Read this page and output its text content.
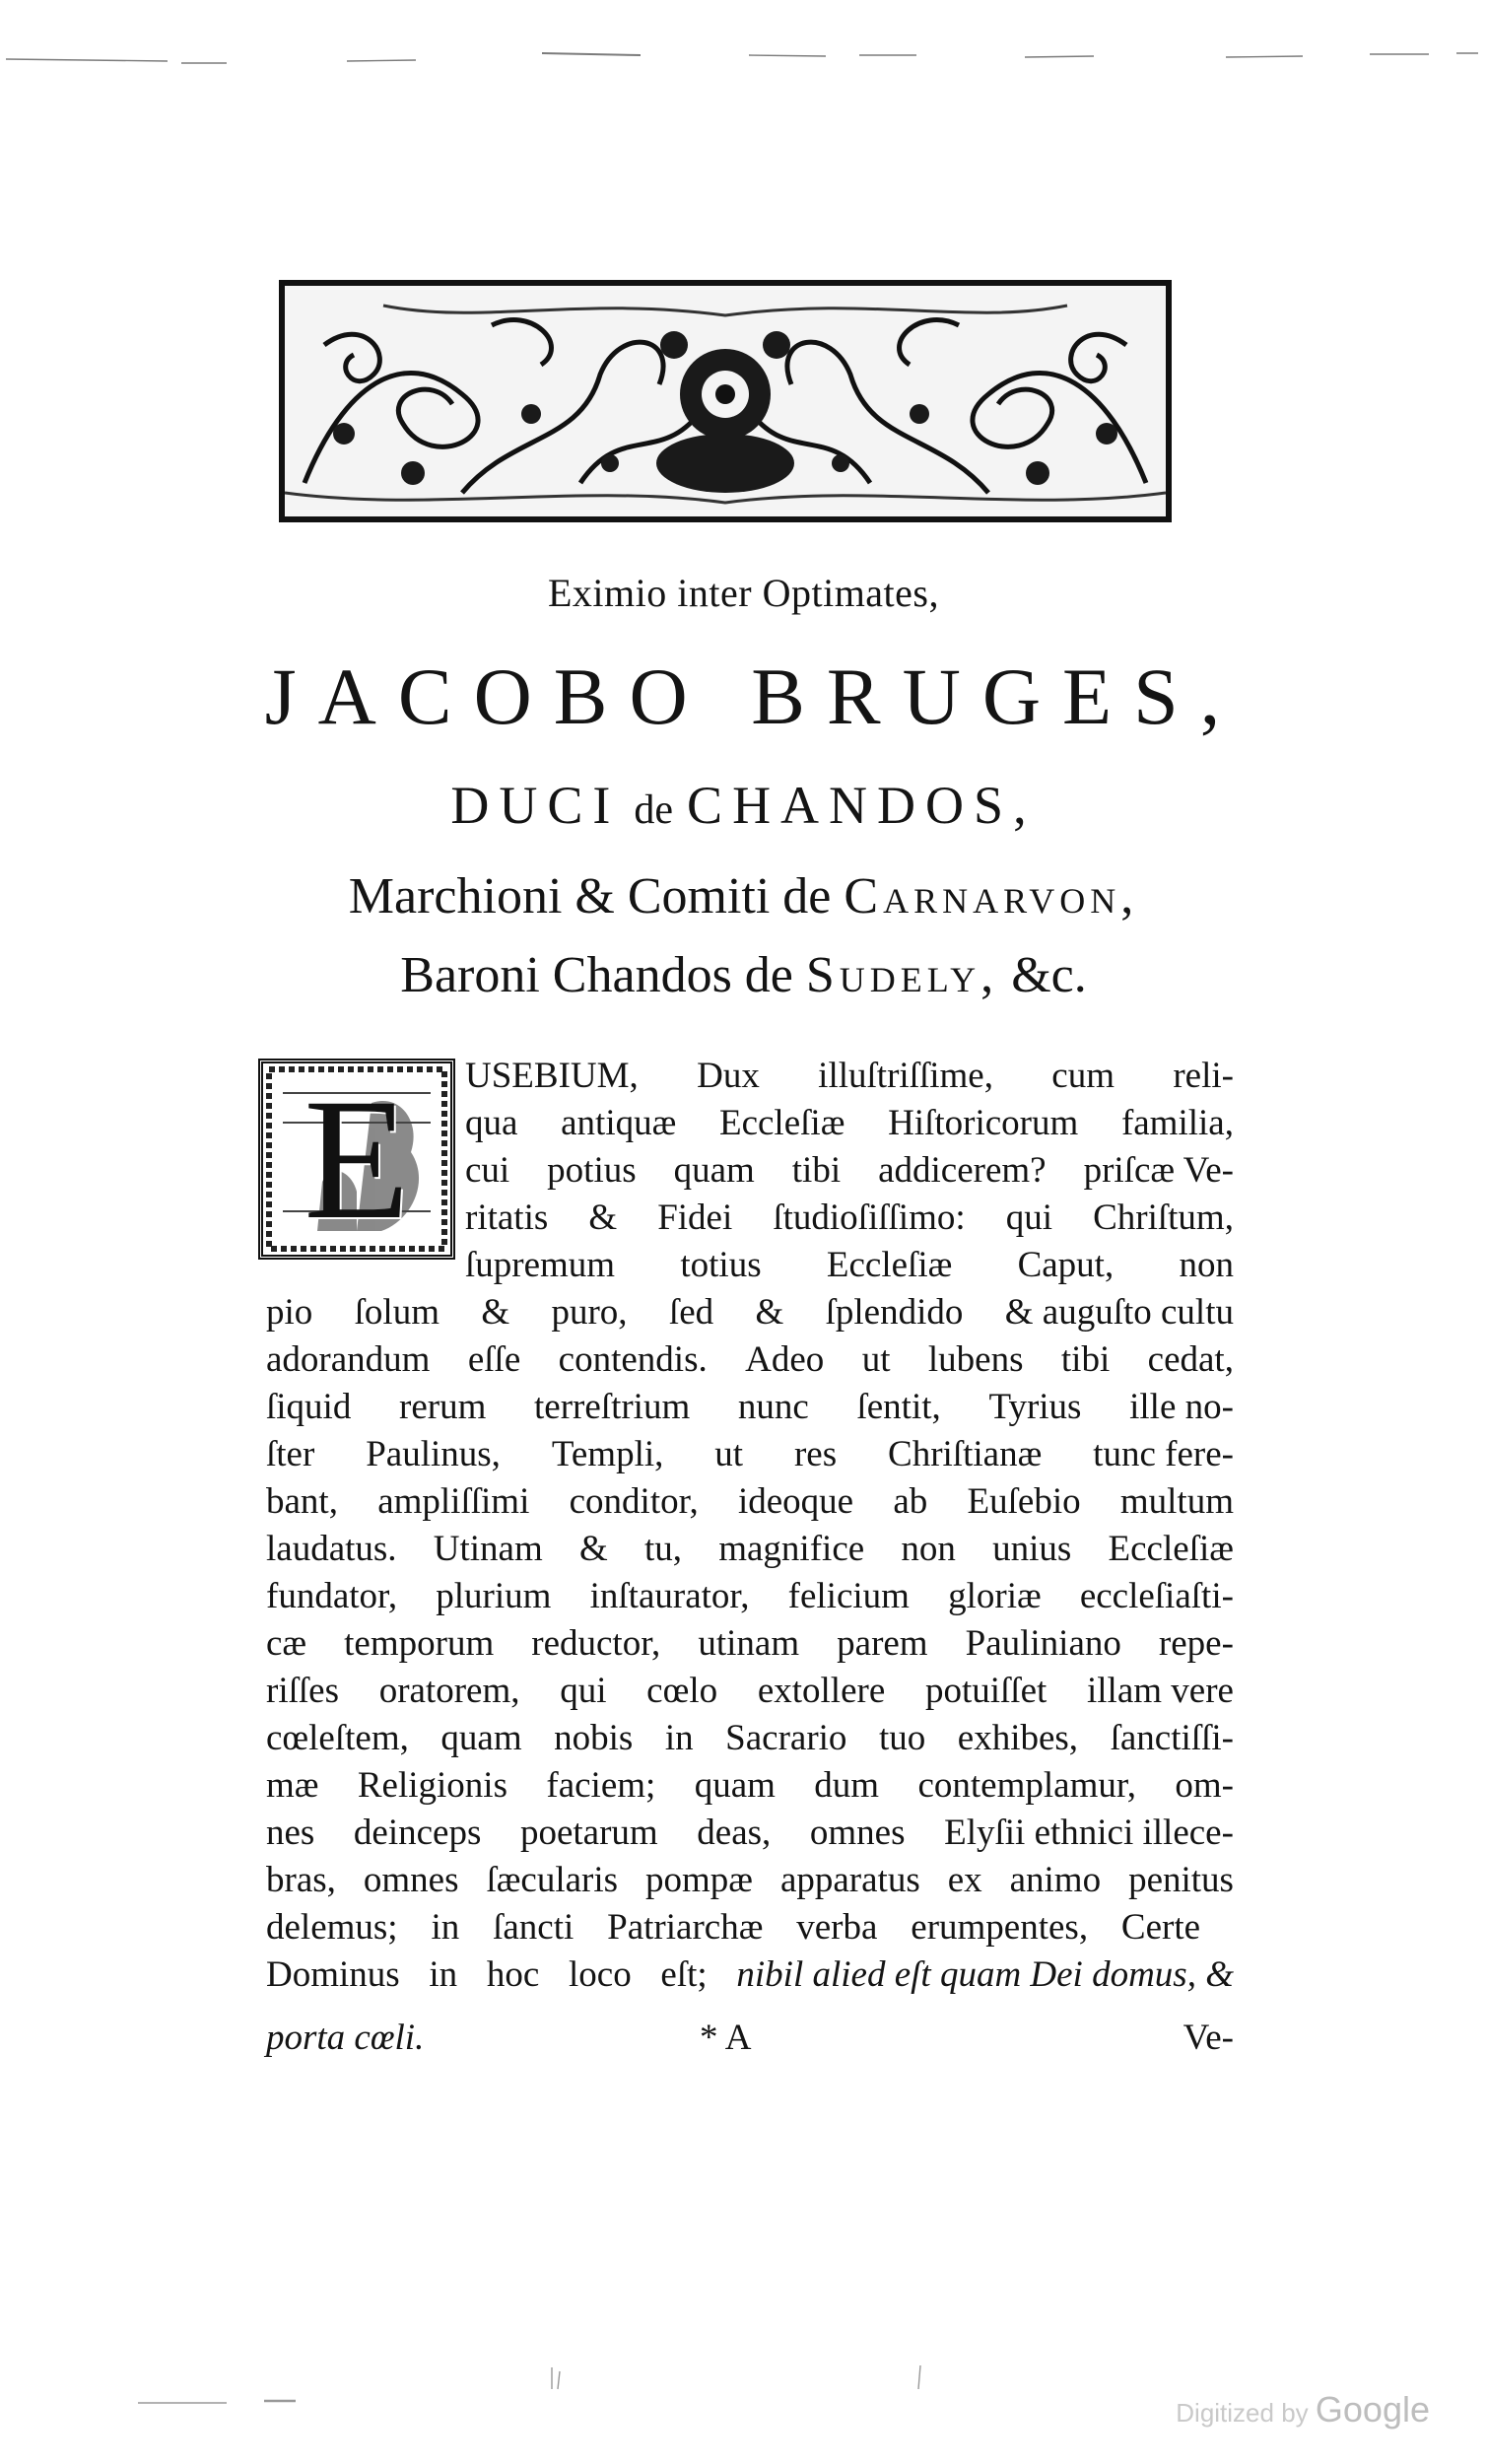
Eximio inter Optimates,
JACOBO BRUGES,
DUCI de CHANDOS,
Marchioni & Comiti de Carnarvon,
Baroni Chandos de Sudely, &c.
E	USEBIUM, Dux illuſtriſſime, cum reli-
qua antiquæ Eccleſiæ Hiſtoricorum familia,
cui potius quam tibi addicerem? priſcæ Ve-
ritatis & Fidei ſtudioſiſſimo: qui Chriſtum,
ſupremum totius Eccleſiæ Caput, non
pio ſolum & puro, ſed & ſplendido & auguſto cultu
adorandum eſſe contendis. Adeo ut lubens tibi cedat,
ſiquid rerum terreſtrium nunc ſentit, Tyrius ille no-
ſter Paulinus, Templi, ut res Chriſtianæ tunc fere-
bant, ampliſſimi conditor, ideoque ab Euſebio multum
laudatus. Utinam & tu, magnifice non unius Eccleſiæ
fundator, plurium inſtaurator, felicium gloriæ eccleſiaſti-
cæ temporum reductor, utinam parem Pauliniano repe-
riſſes oratorem, qui cœlo extollere potuiſſet illam vere
cœleſtem, quam nobis in Sacrario tuo exhibes, ſanctiſſi-
mæ Religionis faciem; quam dum contemplamur, om-
nes deinceps poetarum deas, omnes Elyſii ethnici illece-
bras, omnes ſæcularis pompæ apparatus ex animo penitus
delemus; in ſancti Patriarchæ verba erumpentes, Certe
Dominus in hoc loco eſt; nibil alied eſt quam Dei domus, &
porta cœli.	* A	Ve-
Digitized by Google
